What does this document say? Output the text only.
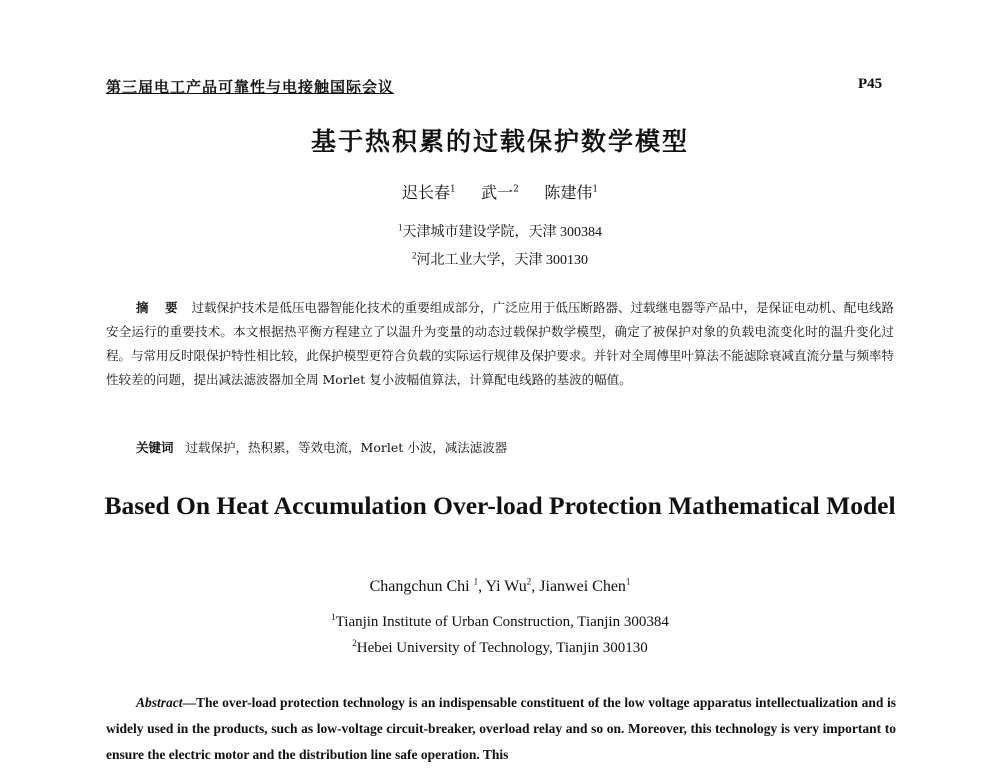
第三届电工产品可靠性与电接触国际会议	P45
基于热积累的过载保护数学模型
迟长春$^1$ 武一$^2$ 陈建伟$^1$
$^1$天津城市建设学院，天津 300384
$^2$河北工业大学，天津 300130
摘 要 过载保护技术是低压电器智能化技术的重要组成部分，广泛应用于低压断路器、过载继电器等产品中，是保证电动机、配电线路安全运行的重要技术。本文根据热平衡方程建立了以温升为变量的动态过载保护数学模型，确定了被保护对象的负载电流变化时的温升变化过程。与常用反时限保护特性相比较，此保护模型更符合负载的实际运行规律及保护要求。并针对全周傅里叶算法不能滤除衰减直流分量与频率特性较差的问题，提出减法滤波器加全周 Morlet 复小波幅值算法，计算配电线路的基波的幅值。
关键词 过载保护，热积累，等效电流，Morlet 小波，减法滤波器
Based On Heat Accumulation Over-load Protection Mathematical Model
Changchun Chi $^1$, Yi Wu$^2$, Jianwei Chen$^1$
$^1$Tianjin Institute of Urban Construction, Tianjin 300384
$^2$Hebei University of Technology, Tianjin 300130
Abstract—The over-load protection technology is an indispensable constituent of the low voltage apparatus intellectualization and is widely used in the products, such as low-voltage circuit-breaker, overload relay and so on. Moreover, this technology is very important to ensure the electric motor and the distribution line safe operation. This
